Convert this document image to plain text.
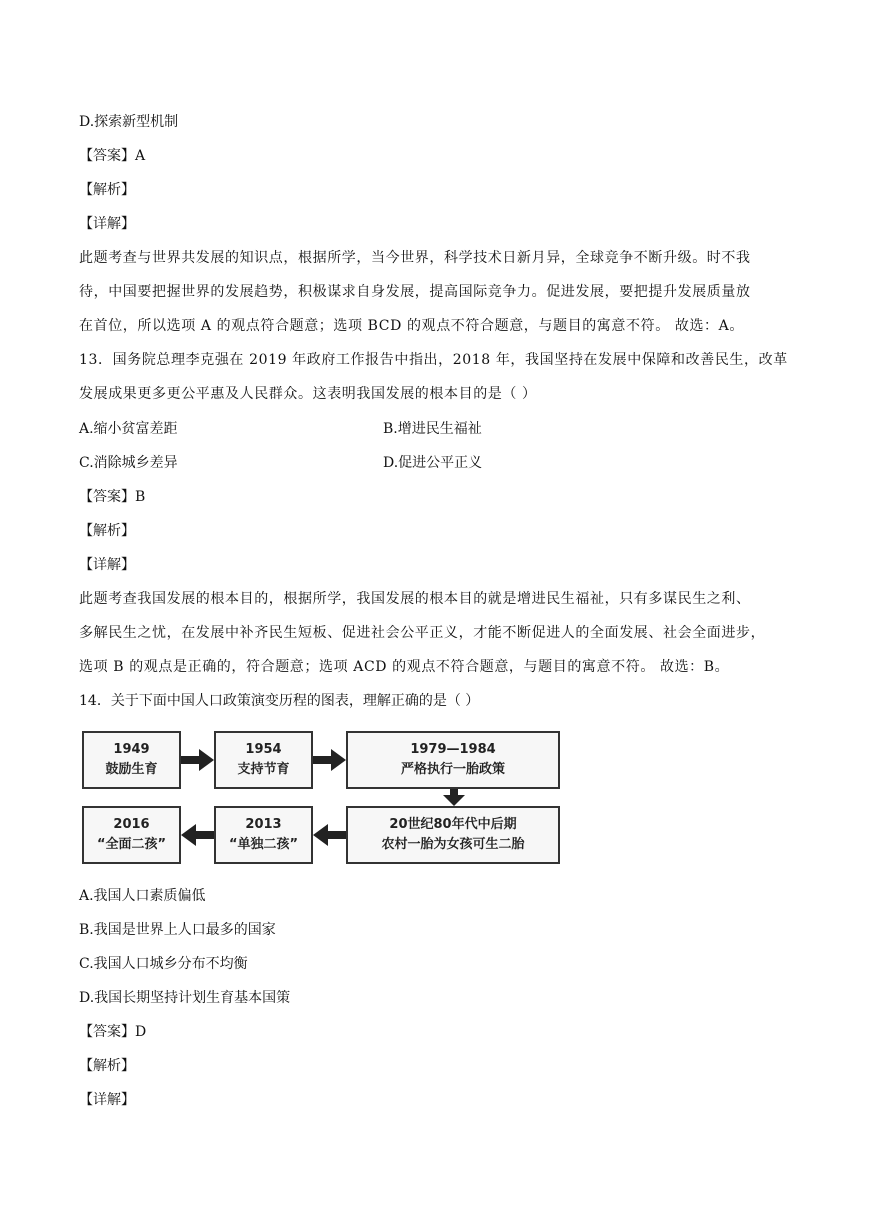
D.探索新型机制
【答案】A
【解析】
【详解】
此题考查与世界共发展的知识点，根据所学，当今世界，科学技术日新月异，全球竞争不断升级。时不我
待，中国要把握世界的发展趋势，积极谋求自身发展，提高国际竞争力。促进发展，要把提升发展质量放
在首位，所以选项 A 的观点符合题意；选项 BCD 的观点不符合题意，与题目的寓意不符。 故选：A。
13．国务院总理李克强在 2019 年政府工作报告中指出，2018 年，我国坚持在发展中保障和改善民生，改革
发展成果更多更公平惠及人民群众。这表明我国发展的根本目的是（ ）
A.缩小贫富差距	B.增进民生福祉
C.消除城乡差异	D.促进公平正义
【答案】B
【解析】
【详解】
此题考查我国发展的根本目的，根据所学，我国发展的根本目的就是增进民生福祉，只有多谋民生之利、
多解民生之忧，在发展中补齐民生短板、促进社会公平正义，才能不断促进人的全面发展、社会全面进步，
选项 B 的观点是正确的，符合题意；选项 ACD 的观点不符合题意，与题目的寓意不符。 故选：B。
14．关于下面中国人口政策演变历程的图表，理解正确的是（ ）
1949
鼓励生育
1954
支持节育
1979—1984
严格执行一胎政策
2016
“全面二孩”
2013
“单独二孩”
20世纪80年代中后期
农村一胎为女孩可生二胎
A.我国人口素质偏低
B.我国是世界上人口最多的国家
C.我国人口城乡分布不均衡
D.我国长期坚持计划生育基本国策
【答案】D
【解析】
【详解】
